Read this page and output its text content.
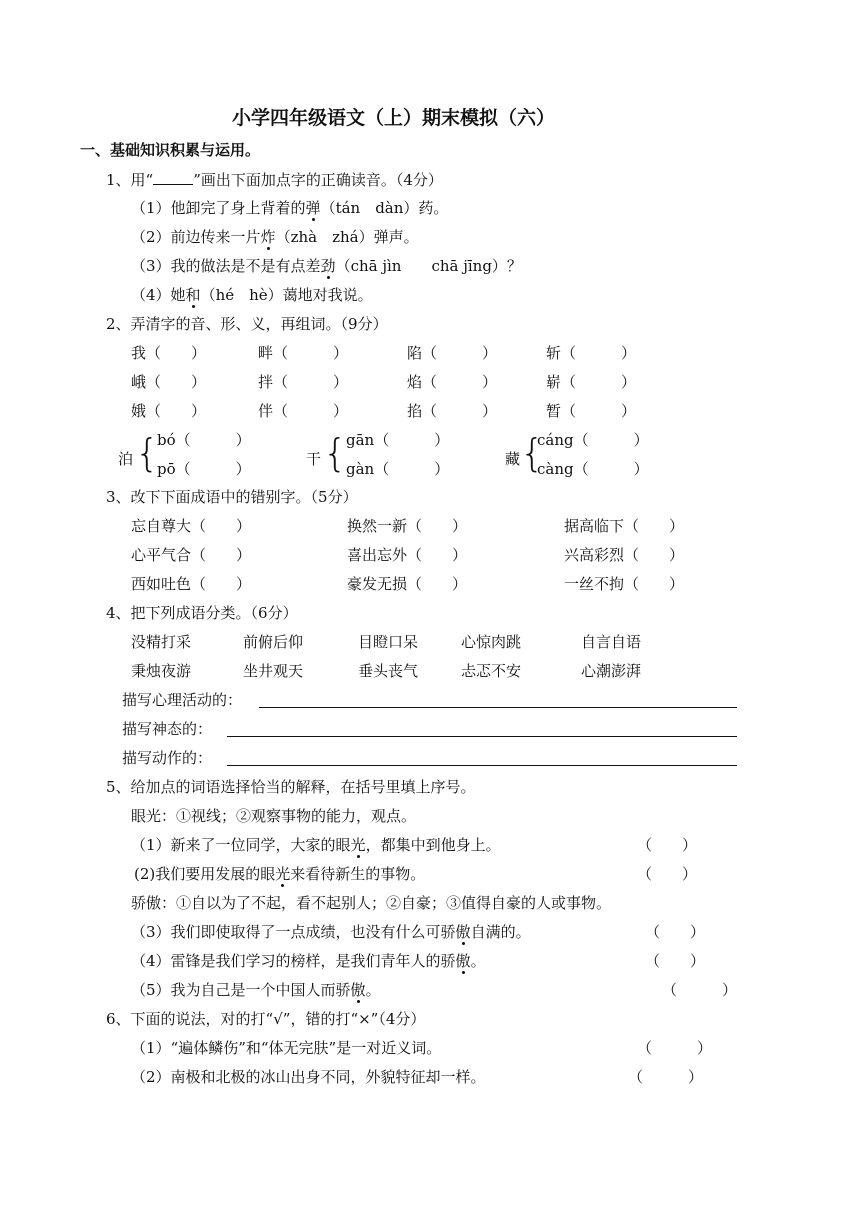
小学四年级语文（上）期末模拟（六）
一、基础知识积累与运用。
1、用“	”画出下面加点字的正确读音。（4分）
（1）他卸完了身上背着的弹（tán　dàn）药。
（2）前边传来一片炸（zhà　zhá）弹声。
（3）我的做法是不是有点差劲（chā jìn　　chā jīng）？
（4）她和（hé　hè）蔼地对我说。
2、弄清字的音、形、义，再组词。（9分）
我（　　）	畔（　　　）	陷（　　　）	斩（　　　）
峨（　　）	拌（　　　）	焰（　　　）	崭（　　　）
娥（　　）	伴（　　　）	掐（　　　）	暂（　　　）
泊 {
bó（　　　）
pō（　　　）
干 {
gān（　　　）
gàn（　　　）
藏 {
cáng（　　　）
càng（　　　）
3、改下下面成语中的错别字。（5分）
忘自尊大（　　）	换然一新（　　）	据高临下（　　）
心平气合（　　）	喜出忘外（　　）	兴高彩烈（　　）
西如吐色（　　）	豪发无损（　　）	一丝不拘（　　）
4、把下列成语分类。（6分）
没精打采	前俯后仰	目瞪口呆	心惊肉跳	自言自语
秉烛夜游	坐井观天	垂头丧气	忐忑不安	心潮澎湃
描写心理活动的：
描写神态的：
描写动作的：
5、给加点的词语选择恰当的解释，在括号里填上序号。
眼光：①视线；②观察事物的能力，观点。
（1）新来了一位同学，大家的眼光，都集中到他身上。	（　　）
(2)我们要用发展的眼光来看待新生的事物。	（　　）
骄傲：①自以为了不起，看不起别人；②自豪；③值得自豪的人或事物。
（3）我们即使取得了一点成绩，也没有什么可骄傲自满的。	（　　）
（4）雷锋是我们学习的榜样，是我们青年人的骄傲。	（　　）
（5）我为自己是一个中国人而骄傲。	（　　　）
6、下面的说法，对的打“√”，错的打“×”（4分）
（1）“遍体鳞伤”和“体无完肤”是一对近义词。	（　　　）
（2）南极和北极的冰山出身不同，外貌特征却一样。	（　　　）
